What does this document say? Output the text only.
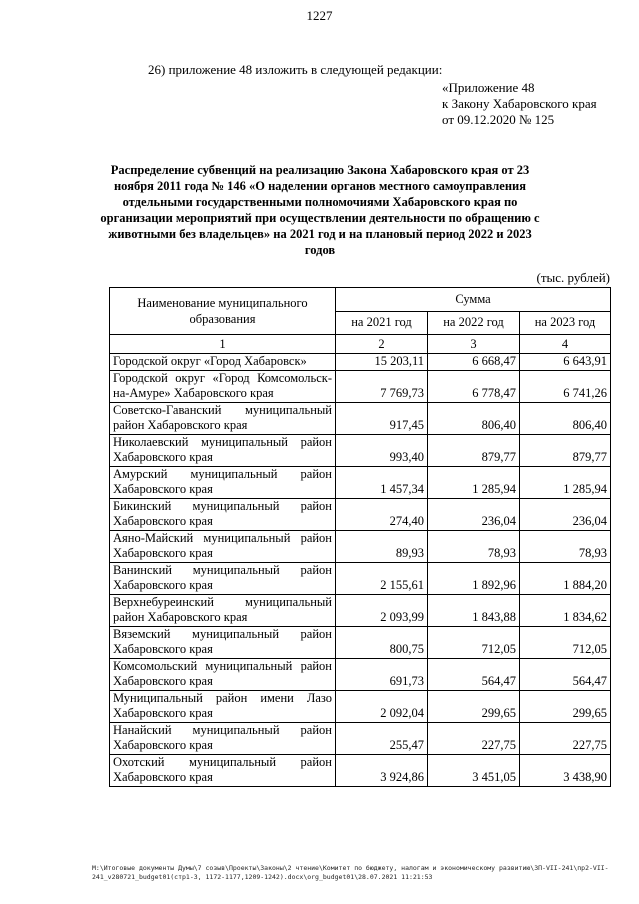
1227
26) приложение 48 изложить в следующей редакции:
«Приложение 48
к Закону Хабаровского края
от 09.12.2020 № 125
Распределение субвенций на реализацию Закона Хабаровского края от 23 ноября 2011 года № 146 «О наделении органов местного самоуправления отдельными государственными полномочиями Хабаровского края по организации мероприятий при осуществлении деятельности по обращению с животными без владельцев» на 2021 год и на плановый период 2022 и 2023 годов
(тыс. рублей)
Наименование муниципального образования	Сумма		
	на 2021 год	на 2022 год	на 2023 год
1	2	3	4
Городской округ «Город Хабаровск»	15 203,11	6 668,47	6 643,91
Городской округ «Город Комсомольск-на-Амуре» Хабаровского края	7 769,73	6 778,47	6 741,26
Советско-Гаванский муниципальный район Хабаровского края	917,45	806,40	806,40
Николаевский муниципальный район Хабаровского края	993,40	879,77	879,77
Амурский муниципальный район Хабаровского края	1 457,34	1 285,94	1 285,94
Бикинский муниципальный район Хабаровского края	274,40	236,04	236,04
Аяно-Майский муниципальный район Хабаровского края	89,93	78,93	78,93
Ванинский муниципальный район Хабаровского края	2 155,61	1 892,96	1 884,20
Верхнебуреинский муниципальный район Хабаровского края	2 093,99	1 843,88	1 834,62
Вяземский муниципальный район Хабаровского края	800,75	712,05	712,05
Комсомольский муниципальный район Хабаровского края	691,73	564,47	564,47
Муниципальный район имени Лазо Хабаровского края	2 092,04	299,65	299,65
Нанайский муниципальный район Хабаровского края	255,47	227,75	227,75
Охотский муниципальный район Хабаровского края	3 924,86	3 451,05	3 438,90
М:\Итоговые документы Думы\7 созыв\Проекты\Законы\2 чтение\Комитет по бюджету, налогам и экономическому развитию\ЗП-VII-241\пр2-VII-241_v280721_budget01(стр1-3, 1172-1177,1209-1242).docx\org_budget01\28.07.2021 11:21:53
